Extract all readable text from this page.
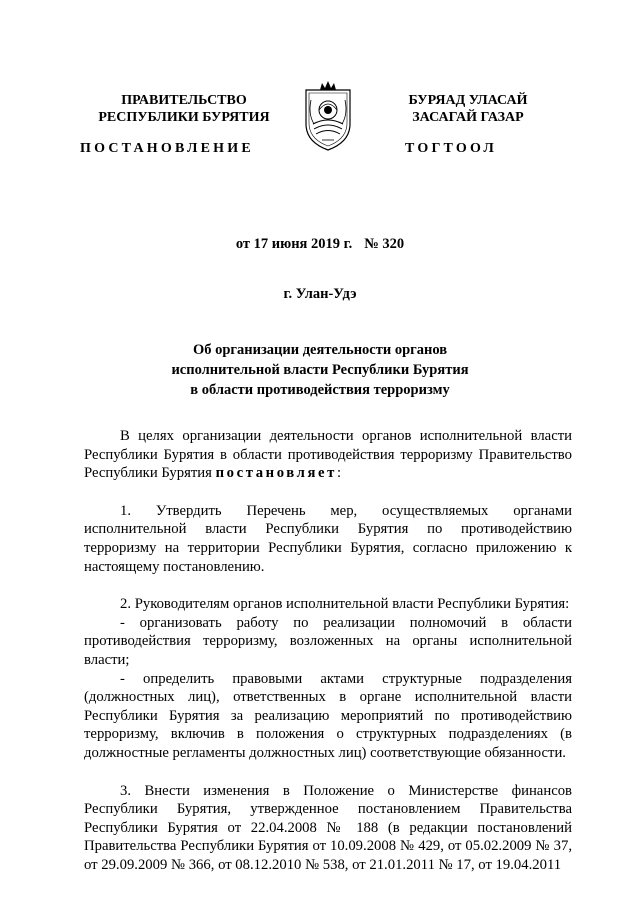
ПРАВИТЕЛЬСТВО
РЕСПУБЛИКИ БУРЯТИЯ
БУРЯАД УЛАСАЙ
ЗАСАГАЙ ГАЗАР
ПОСТАНОВЛЕНИЕ	ТОГТООЛ
от 17 июня 2019 г. № 320
г. Улан-Удэ
Об организации деятельности органов
исполнительной власти Республики Бурятия
в области противодействия терроризму

В целях организации деятельности органов исполнительной власти Республики Бурятия в области противодействия терроризму Правительство Республики Бурятия постановляет:

1. Утвердить Перечень мер, осуществляемых органами исполнительной власти Республики Бурятия по противодействию терроризму на территории Республики Бурятия, согласно приложению к настоящему постановлению.

2. Руководителям органов исполнительной власти Республики Бурятия:

- организовать работу по реализации полномочий в области противодействия терроризму, возложенных на органы исполнительной власти;

- определить правовыми актами структурные подразделения (должностных лиц), ответственных в органе исполнительной власти Республики Бурятия за реализацию мероприятий по противодействию терроризму, включив в положения о структурных подразделениях (в должностные регламенты должностных лиц) соответствующие обязанности.

3. Внести изменения в Положение о Министерстве финансов Республики Бурятия, утвержденное постановлением Правительства Республики Бурятия от 22.04.2008 № 188 (в редакции постановлений Правительства Республики Бурятия от 10.09.2008 № 429, от 05.02.2009 № 37, от 29.09.2009 № 366, от 08.12.2010 № 538, от 21.01.2011 № 17, от 19.04.2011
